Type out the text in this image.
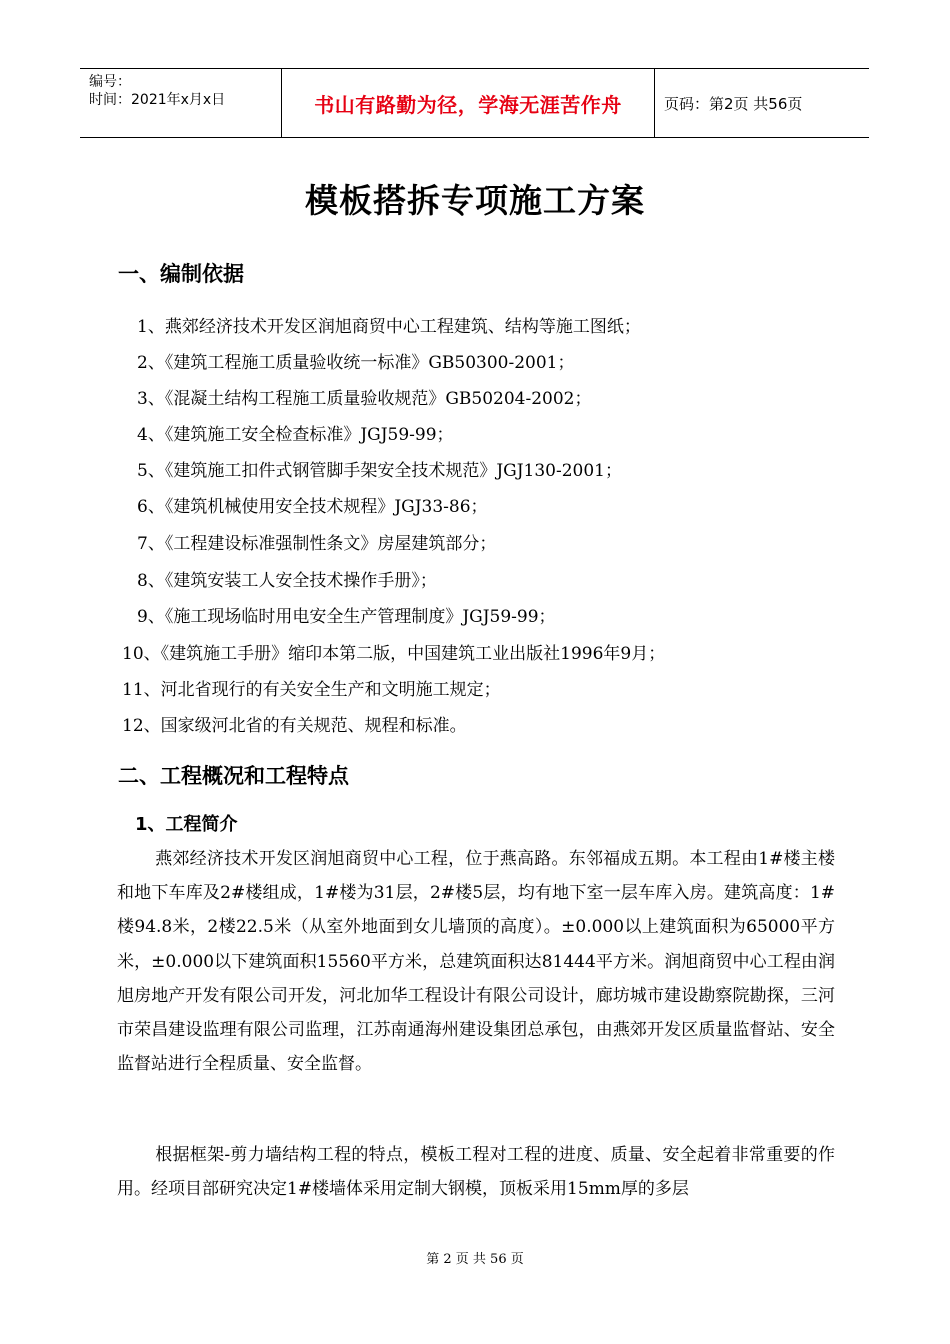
编号：
时间：2021年x月x日	书山有路勤为径，学海无涯苦作舟	页码：第2页 共56页
模板搭拆专项施工方案
一、编制依据
1、燕郊经济技术开发区润旭商贸中心工程建筑、结构等施工图纸；
2、《建筑工程施工质量验收统一标准》GB50300-2001；
3、《混凝土结构工程施工质量验收规范》GB50204-2002；
4、《建筑施工安全检查标准》JGJ59-99；
5、《建筑施工扣件式钢管脚手架安全技术规范》JGJ130-2001；
6、《建筑机械使用安全技术规程》JGJ33-86；
7、《工程建设标准强制性条文》房屋建筑部分；
8、《建筑安装工人安全技术操作手册》；
9、《施工现场临时用电安全生产管理制度》JGJ59-99；
10、《建筑施工手册》缩印本第二版，中国建筑工业出版社1996年9月；
11、河北省现行的有关安全生产和文明施工规定；
12、国家级河北省的有关规范、规程和标准。
二、工程概况和工程特点
1、工程简介
燕郊经济技术开发区润旭商贸中心工程，位于燕高路。东邻福成五期。本工程由1#楼主楼和地下车库及2#楼组成，1#楼为31层，2#楼5层，均有地下室一层车库入房。建筑高度：1#楼94.8米，2楼22.5米（从室外地面到女儿墙顶的高度）。±0.000以上建筑面积为65000平方米，±0.000以下建筑面积15560平方米，总建筑面积达81444平方米。润旭商贸中心工程由润旭房地产开发有限公司开发，河北加华工程设计有限公司设计，廊坊城市建设勘察院勘探，三河市荣昌建设监理有限公司监理，江苏南通海州建设集团总承包，由燕郊开发区质量监督站、安全监督站进行全程质量、安全监督。
根据框架-剪力墙结构工程的特点，模板工程对工程的进度、质量、安全起着非常重要的作用。经项目部研究决定1#楼墙体采用定制大钢模，顶板采用15mm厚的多层
第 2 页 共 56 页
